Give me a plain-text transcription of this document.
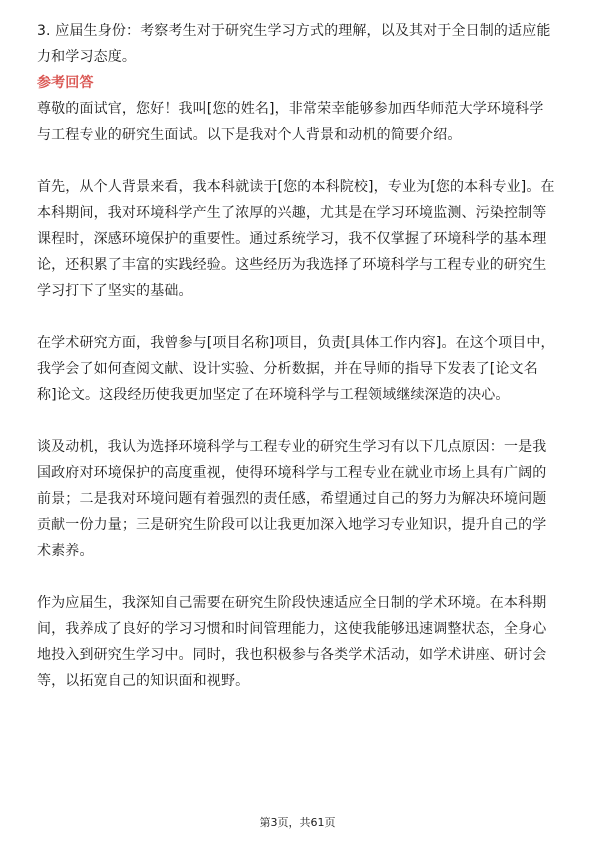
3. 应届生身份：考察考生对于研究生学习方式的理解，以及其对于全日制的适应能
力和学习态度。
参考回答
尊敬的面试官，您好！我叫[您的姓名]，非常荣幸能够参加西华师范大学环境科学
与工程专业的研究生面试。以下是我对个人背景和动机的简要介绍。
首先，从个人背景来看，我本科就读于[您的本科院校]，专业为[您的本科专业]。在
本科期间，我对环境科学产生了浓厚的兴趣，尤其是在学习环境监测、污染控制等
课程时，深感环境保护的重要性。通过系统学习，我不仅掌握了环境科学的基本理
论，还积累了丰富的实践经验。这些经历为我选择了环境科学与工程专业的研究生
学习打下了坚实的基础。
在学术研究方面，我曾参与[项目名称]项目，负责[具体工作内容]。在这个项目中，
我学会了如何查阅文献、设计实验、分析数据，并在导师的指导下发表了[论文名
称]论文。这段经历使我更加坚定了在环境科学与工程领域继续深造的决心。
谈及动机，我认为选择环境科学与工程专业的研究生学习有以下几点原因：一是我
国政府对环境保护的高度重视，使得环境科学与工程专业在就业市场上具有广阔的
前景；二是我对环境问题有着强烈的责任感，希望通过自己的努力为解决环境问题
贡献一份力量；三是研究生阶段可以让我更加深入地学习专业知识，提升自己的学
术素养。
作为应届生，我深知自己需要在研究生阶段快速适应全日制的学术环境。在本科期
间，我养成了良好的学习习惯和时间管理能力，这使我能够迅速调整状态，全身心
地投入到研究生学习中。同时，我也积极参与各类学术活动，如学术讲座、研讨会
等，以拓宽自己的知识面和视野。
第3页，共61页
